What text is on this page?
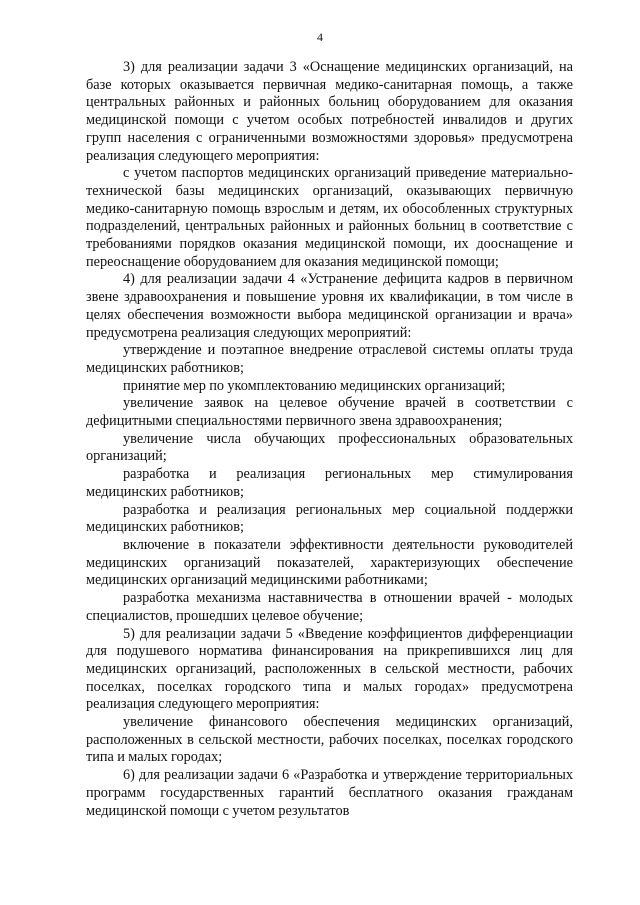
4

3) для реализации задачи 3 «Оснащение медицинских организаций, на базе которых оказывается первичная медико-санитарная помощь, а также центральных районных и районных больниц оборудованием для оказания медицинской помощи с учетом особых потребностей инвалидов и других групп населения с ограниченными возможностями здоровья» предусмотрена реализация следующего мероприятия:

с учетом паспортов медицинских организаций приведение материально-технической базы медицинских организаций, оказывающих первичную медико-санитарную помощь взрослым и детям, их обособленных структурных подразделений, центральных районных и районных больниц в соответствие с требованиями порядков оказания медицинской помощи, их дооснащение и переоснащение оборудованием для оказания медицинской помощи;

4) для реализации задачи 4 «Устранение дефицита кадров в первичном звене здравоохранения и повышение уровня их квалификации, в том числе в целях обеспечения возможности выбора медицинской организации и врача» предусмотрена реализация следующих мероприятий:

утверждение и поэтапное внедрение отраслевой системы оплаты труда медицинских работников;

принятие мер по укомплектованию медицинских организаций;

увеличение заявок на целевое обучение врачей в соответствии с дефицитными специальностями первичного звена здравоохранения;

увеличение числа обучающих профессиональных образовательных организаций;

разработка и реализация региональных мер стимулирования медицинских работников;

разработка и реализация региональных мер социальной поддержки медицинских работников;

включение в показатели эффективности деятельности руководителей медицинских организаций показателей, характеризующих обеспечение медицинских организаций медицинскими работниками;

разработка механизма наставничества в отношении врачей - молодых специалистов, прошедших целевое обучение;

5) для реализации задачи 5 «Введение коэффициентов дифференциации для подушевого норматива финансирования на прикрепившихся лиц для медицинских организаций, расположенных в сельской местности, рабочих поселках, поселках городского типа и малых городах» предусмотрена реализация следующего мероприятия:

увеличение финансового обеспечения медицинских организаций, расположенных в сельской местности, рабочих поселках, поселках городского типа и малых городах;

6) для реализации задачи 6 «Разработка и утверждение территориальных программ государственных гарантий бесплатного оказания гражданам медицинской помощи с учетом результатов
